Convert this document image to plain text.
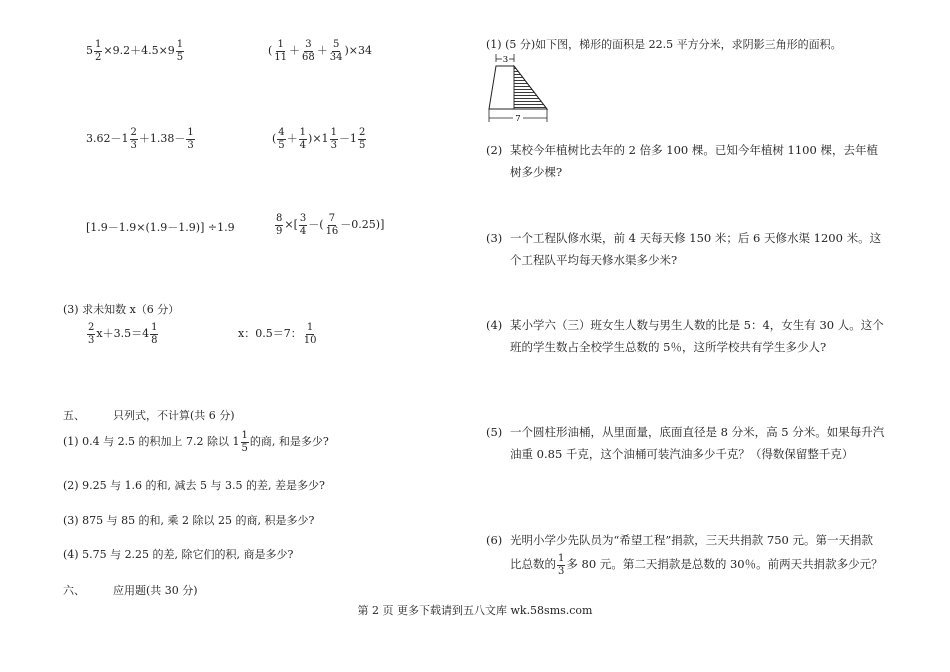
$5 \frac{1}{2} \times 9.2+4.5\times 9 \frac{1}{5}$	( $\frac{1}{11} + \frac{3}{68} + \frac{5}{34} )\times 34$
$3.62-1 \frac{2}{3} +1.38- \frac{1}{3}$	( $\frac{4}{5} + \frac{1}{4} )\times 1 \frac{1}{3} -1 \frac{2}{5}$
[1.9－1.9×(1.9－1.9)] ÷1.9	$\frac{8}{9}$ ×[ $\frac{3}{4}$ －( $\frac{7}{16} -0.25$)]
(3) 求未知数 x（6 分）
$\frac{2}{3} x+3.5=4 \frac{1}{8}$	x：0.5＝7： $\frac{1}{10}$
五、	只列式，不计算(共 6 分)
(1) 0.4 与 2.5 的积加上 7.2 除以 $1 \frac{1}{5}$ 的商, 和是多少?
(2) 9.25 与 1.6 的和, 减去 5 与 3.5 的差, 差是多少?
(3) 875 与 85 的和, 乘 2 除以 25 的商, 积是多少?
(4) 5.75 与 2.25 的差, 除它们的积, 商是多少?
六、	应用题(共 30 分)
(1) (5 分)如下图，梯形的面积是 22.5 平方分米，求阴影三角形的面积。
3
7
(2) 某校今年植树比去年的 2 倍多 100 棵。已知今年植树 1100 棵，去年植树多少棵?
(3) 一个工程队修水渠，前 4 天每天修 150 米；后 6 天修水渠 1200 米。这个工程队平均每天修水渠多少米?
(4) 某小学六（三）班女生人数与男生人数的比是 5：4，女生有 30 人。这个班的学生数占全校学生总数的 5％，这所学校共有学生多少人?
(5) 一个圆柱形油桶，从里面量，底面直径是 8 分米，高 5 分米。如果每升汽油重 0.85 千克，这个油桶可装汽油多少千克？（得数保留整千克）
(6) 光明小学少先队员为“希望工程”捐款，三天共捐款 750 元。第一天捐款
比总数的 $\frac{1}{3}$ 多 80 元。第二天捐款是总数的 30％。前两天共捐款多少元？
第 2 页 更多下载请到五八文库 wk.58sms.com
